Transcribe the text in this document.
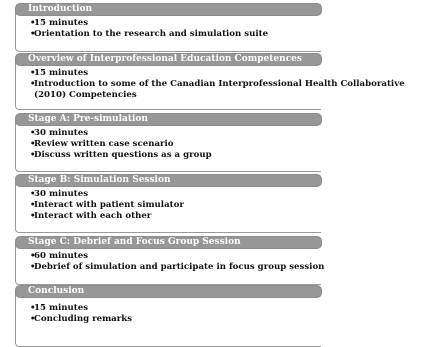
Introduction
•15 minutes
•Orientation to the research and simulation suite
Overview of Interprofessional Education Competences
•15 minutes
•Introduction to some of the Canadian Interprofessional Health Collaborative (2010) Competencies
Stage A: Pre-simulation
•30 minutes
•Review written case scenario
•Discuss written questions as a group
Stage B: Simulation Session
•30 minutes
•Interact with patient simulator
•Interact with each other
Stage C: Debrief and Focus Group Session
•60 minutes
•Debrief of simulation and participate in focus group session
Conclusion
•15 minutes
•Concluding remarks
